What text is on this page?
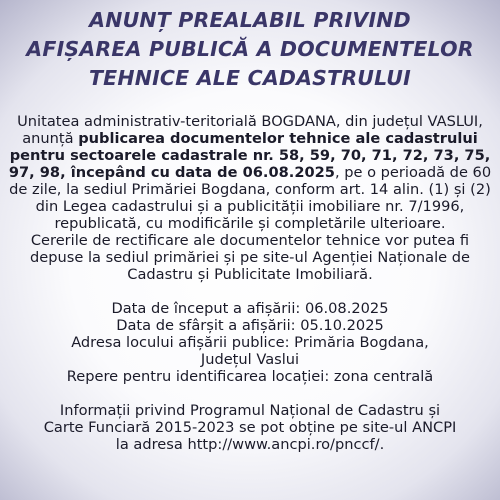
ANUNȚ PREALABIL PRIVIND
AFIȘAREA PUBLICĂ A DOCUMENTELOR
TEHNICE ALE CADASTRULUI

Unitatea administrativ-teritorială BOGDANA, din județul VASLUI, anunță publicarea documentelor tehnice ale cadastrului pentru sectoarele cadastrale nr. 58, 59, 70, 71, 72, 73, 75, 97, 98, începând cu data de 06.08.2025, pe o perioadă de 60 de zile, la sediul Primăriei Bogdana, conform art. 14 alin. (1) și (2) din Legea cadastrului și a publicității imobiliare nr. 7/1996, republicată, cu modificările și completările ulterioare.

Cererile de rectificare ale documentelor tehnice vor putea fi depuse la sediul primăriei și pe site-ul Agenției Naționale de Cadastru și Publicitate Imobiliară.

Data de început a afișării: 06.08.2025

Data de sfârșit a afișării: 05.10.2025

Adresa locului afișării publice: Primăria Bogdana,

Județul Vaslui

Repere pentru identificarea locației: zona centrală

Informații privind Programul Național de Cadastru și

Carte Funciară 2015-2023 se pot obține pe site-ul ANCPI

la adresa http://www.ancpi.ro/pnccf/.
